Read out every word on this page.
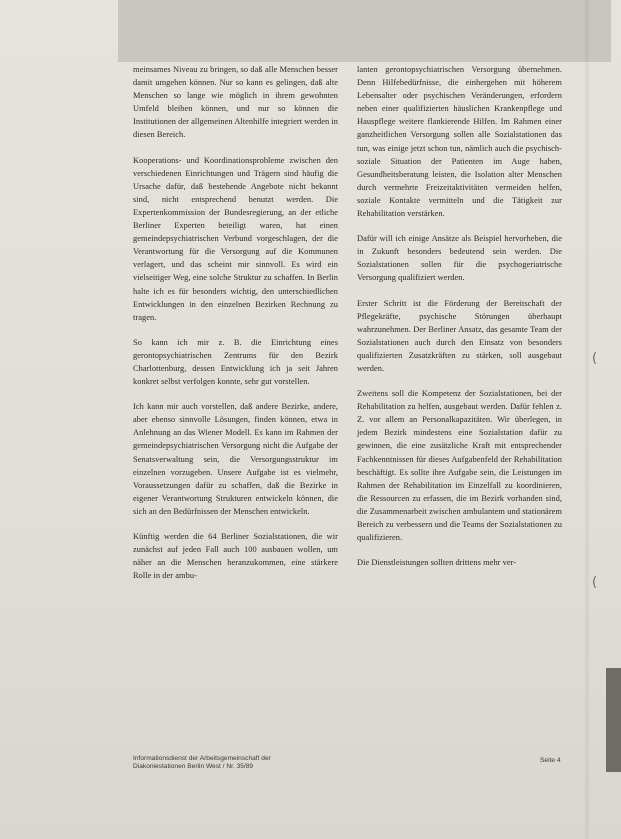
(
(

meinsames Niveau zu bringen, so daß alle Menschen besser damit umgehen können. Nur so kann es gelingen, daß alte Menschen so lange wie möglich in ihrem gewohnten Umfeld bleiben können, und nur so können die Institutionen der allgemeinen Altenhilfe integriert werden in diesen Bereich.

Kooperations- und Koordinationsprobleme zwischen den verschiedenen Einrichtungen und Trägern sind häufig die Ursache dafür, daß bestehende Angebote nicht bekannt sind, nicht entsprechend benutzt werden. Die Expertenkommission der Bundesregierung, an der etliche Berliner Experten beteiligt waren, hat einen gemeindepsychiatrischen Verbund vorgeschlagen, der die Verantwortung für die Versorgung auf die Kommunen verlagert, und das scheint mir sinnvoll. Es wird ein vielseitiger Weg, eine solche Struktur zu schaffen. In Berlin halte ich es für besonders wichtig, den unterschiedlichen Entwicklungen in den einzelnen Bezirken Rechnung zu tragen.

So kann ich mir z. B. die Einrichtung eines gerontopsychiatrischen Zentrums für den Bezirk Charlottenburg, dessen Entwicklung ich ja seit Jahren konkret selbst verfolgen konnte, sehr gut vorstellen.

Ich kann mir auch vorstellen, daß andere Bezirke, andere, aber ebenso sinnvolle Lösungen, finden können, etwa in Anlehnung an das Wiener Modell. Es kann im Rahmen der gemeindepsychiatrischen Versorgung nicht die Aufgabe der Senatsverwaltung sein, die Versorgungsstruktur im einzelnen vorzugeben. Unsere Aufgabe ist es vielmehr, Voraussetzungen dafür zu schaffen, daß die Bezirke in eigener Verantwortung Strukturen entwickeln können, die sich an den Bedürfnissen der Menschen entwickeln.

Künftig werden die 64 Berliner Sozialstationen, die wir zunächst auf jeden Fall auch 100 ausbauen wollen, um näher an die Menschen heranzukommen, eine stärkere Rolle in der ambu-

lanten gerontopsychiatrischen Versorgung übernehmen. Denn Hilfebedürfnisse, die einhergehen mit höherem Lebensalter oder psychischen Veränderungen, erfordern neben einer qualifizierten häuslichen Krankenpflege und Hauspflege weitere flankierende Hilfen. Im Rahmen einer ganzheitlichen Versorgung sollen alle Sozialstationen das tun, was einige jetzt schon tun, nämlich auch die psychisch-soziale Situation der Patienten im Auge haben, Gesundheitsberatung leisten, die Isolation alter Menschen durch vermehrte Freizeitaktivitäten vermeiden helfen, soziale Kontakte vermitteln und die Tätigkeit zur Rehabilitation verstärken.

Dafür will ich einige Ansätze als Beispiel hervorheben, die in Zukunft besonders bedeutend sein werden. Die Sozialstationen sollen für die psychogeriatrische Versorgung qualifiziert werden.

Erster Schritt ist die Förderung der Bereitschaft der Pflegekräfte, psychische Störungen überhaupt wahrzunehmen. Der Berliner Ansatz, das gesamte Team der Sozialstationen auch durch den Einsatz von besonders qualifizierten Zusatzkräften zu stärken, soll ausgebaut werden.

Zweitens soll die Kompetenz der Sozialstationen, bei der Rehabilitation zu helfen, ausgebaut werden. Dafür fehlen z. Z. vor allem an Personalkapazitäten. Wir überlegen, in jedem Bezirk mindestens eine Sozialstation dafür zu gewinnen, die eine zusätzliche Kraft mit entsprechender Fachkenntnissen für dieses Aufgabenfeld der Rehabilitation beschäftigt. Es sollte ihre Aufgabe sein, die Leistungen im Rahmen der Rehabilitation im Einzelfall zu koordinieren, die Ressourcen zu erfassen, die im Bezirk vorhanden sind, die Zusammenarbeit zwischen ambulantem und stationärem Bereich zu verbessern und die Teams der Sozialstationen zu qualifizieren.

Die Dienstleistungen sollten drittens mehr ver-

Informationsdienst der Arbeitsgemeinschaft der
Diakoniestationen Berlin West / Nr. 35/89
Seite 4
